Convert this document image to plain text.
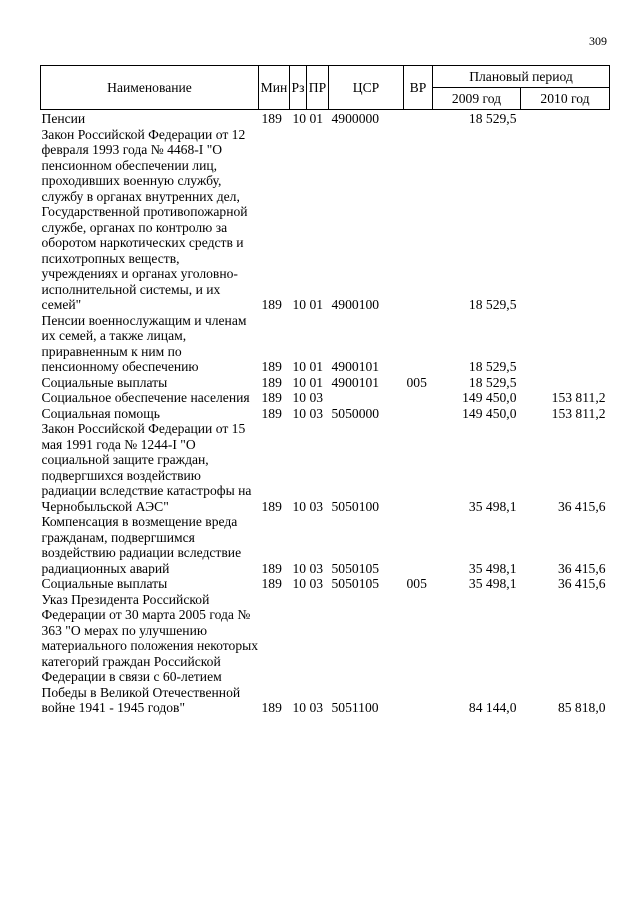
309
Наименование	Мин	Рз	ПР	ЦСР	ВР	Плановый период	
						2009 год	2010 год
Пенсии	189	10	01	4900000		18 529,5	
Закон Российской Федерации от 12 февраля 1993 года № 4468-I "О пенсионном обеспечении лиц, проходивших военную службу, службу в органах внутренних дел, Государственной противопожарной службе, органах по контролю за оборотом наркотических средств и психотропных веществ, учреждениях и органах уголовно-исполнительной системы, и их семей"	189	10	01	4900100		18 529,5	
Пенсии военнослужащим и членам их семей, а также лицам, приравненным к ним по пенсионному обеспечению	189	10	01	4900101		18 529,5	
Социальные выплаты	189	10	01	4900101	005	18 529,5	
Социальное обеспечение населения	189	10	03			149 450,0	153 811,2
Социальная помощь	189	10	03	5050000		149 450,0	153 811,2
Закон Российской Федерации от 15 мая 1991 года № 1244-I "О социальной защите граждан, подвергшихся воздействию радиации вследствие катастрофы на Чернобыльской АЭС"	189	10	03	5050100		35 498,1	36 415,6
Компенсация в возмещение вреда гражданам, подвергшимся воздействию радиации вследствие радиационных аварий	189	10	03	5050105		35 498,1	36 415,6
Социальные выплаты	189	10	03	5050105	005	35 498,1	36 415,6
Указ Президента Российской Федерации от 30 марта 2005 года № 363 "О мерах по улучшению материального положения некоторых категорий граждан Российской Федерации в связи с 60-летием Победы в Великой Отечественной войне 1941 - 1945 годов"	189	10	03	5051100		84 144,0	85 818,0
